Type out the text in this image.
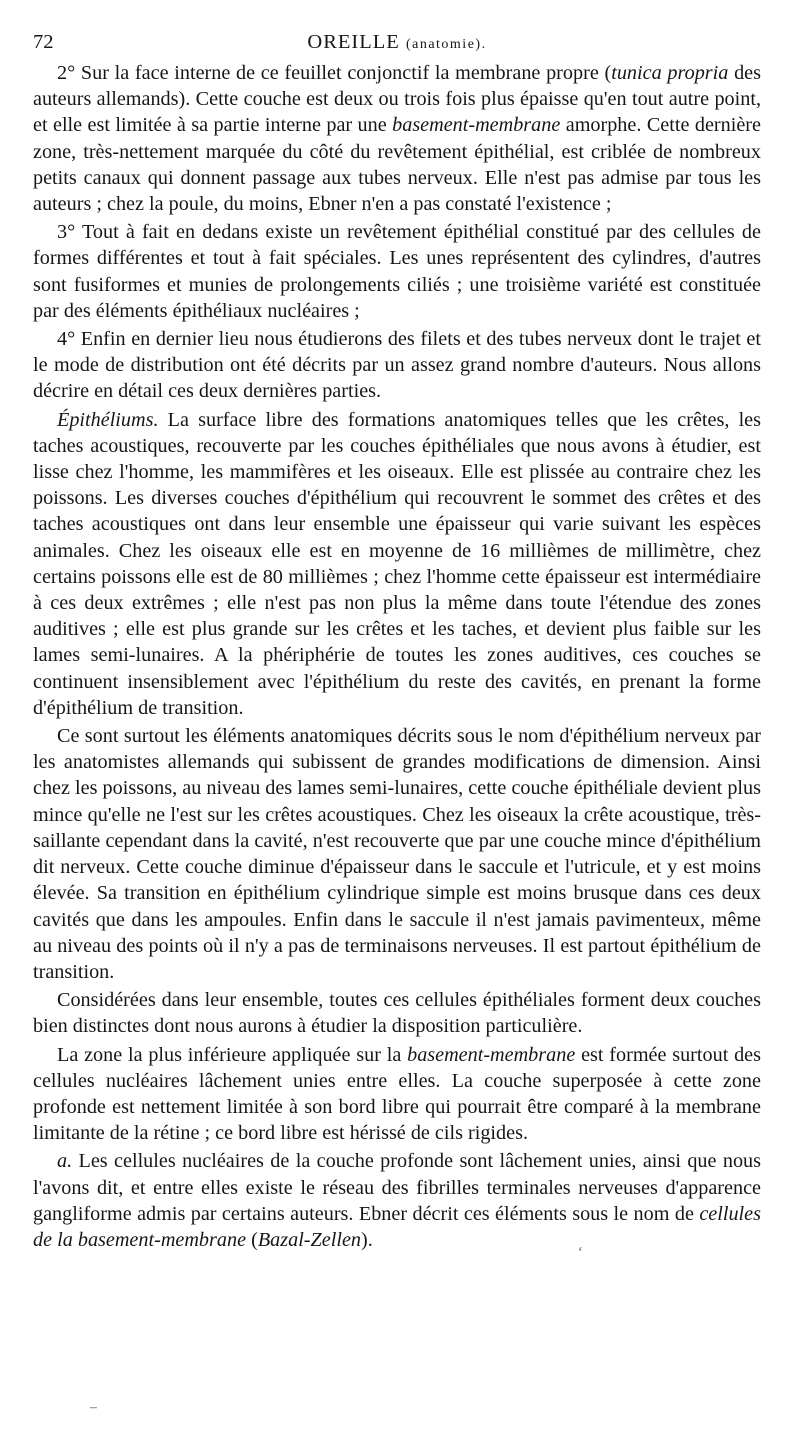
72	OREILLE (anatomie).

2° Sur la face interne de ce feuillet conjonctif la membrane propre (tunica propria des auteurs allemands). Cette couche est deux ou trois fois plus épaisse qu'en tout autre point, et elle est limitée à sa partie interne par une basement-membrane amorphe. Cette dernière zone, très-nettement marquée du côté du revêtement épithélial, est criblée de nombreux petits canaux qui donnent passage aux tubes nerveux. Elle n'est pas admise par tous les auteurs ; chez la poule, du moins, Ebner n'en a pas constaté l'existence ;

3° Tout à fait en dedans existe un revêtement épithélial constitué par des cellules de formes différentes et tout à fait spéciales. Les unes représentent des cylindres, d'autres sont fusiformes et munies de prolongements ciliés ; une troisième variété est constituée par des éléments épithéliaux nucléaires ;

4° Enfin en dernier lieu nous étudierons des filets et des tubes nerveux dont le trajet et le mode de distribution ont été décrits par un assez grand nombre d'auteurs. Nous allons décrire en détail ces deux dernières parties.

Épithéliums. La surface libre des formations anatomiques telles que les crêtes, les taches acoustiques, recouverte par les couches épithéliales que nous avons à étudier, est lisse chez l'homme, les mammifères et les oiseaux. Elle est plissée au contraire chez les poissons. Les diverses couches d'épithélium qui recouvrent le sommet des crêtes et des taches acoustiques ont dans leur ensemble une épaisseur qui varie suivant les espèces animales. Chez les oiseaux elle est en moyenne de 16 millièmes de millimètre, chez certains poissons elle est de 80 millièmes ; chez l'homme cette épaisseur est intermédiaire à ces deux extrêmes ; elle n'est pas non plus la même dans toute l'étendue des zones auditives ; elle est plus grande sur les crêtes et les taches, et devient plus faible sur les lames semi-lunaires. A la phériphérie de toutes les zones auditives, ces couches se continuent insensiblement avec l'épithélium du reste des cavités, en prenant la forme d'épithélium de transition.

Ce sont surtout les éléments anatomiques décrits sous le nom d'épithélium nerveux par les anatomistes allemands qui subissent de grandes modifications de dimension. Ainsi chez les poissons, au niveau des lames semi-lunaires, cette couche épithéliale devient plus mince qu'elle ne l'est sur les crêtes acoustiques. Chez les oiseaux la crête acoustique, très-saillante cependant dans la cavité, n'est recouverte que par une couche mince d'épithélium dit nerveux. Cette couche diminue d'épaisseur dans le saccule et l'utricule, et y est moins élevée. Sa transition en épithélium cylindrique simple est moins brusque dans ces deux cavités que dans les ampoules. Enfin dans le saccule il n'est jamais pavimenteux, même au niveau des points où il n'y a pas de terminaisons nerveuses. Il est partout épithélium de transition.

Considérées dans leur ensemble, toutes ces cellules épithéliales forment deux couches bien distinctes dont nous aurons à étudier la disposition particulière.

La zone la plus inférieure appliquée sur la basement-membrane est formée surtout des cellules nucléaires lâchement unies entre elles. La couche superposée à cette zone profonde est nettement limitée à son bord libre qui pourrait être comparé à la membrane limitante de la rétine ; ce bord libre est hérissé de cils rigides.

a. Les cellules nucléaires de la couche profonde sont lâchement unies, ainsi que nous l'avons dit, et entre elles existe le réseau des fibrilles terminales nerveuses d'apparence gangliforme admis par certains auteurs. Ebner décrit ces éléments sous le nom de cellules de la basement-membrane (Bazal-Zellen).

ʻ
–
